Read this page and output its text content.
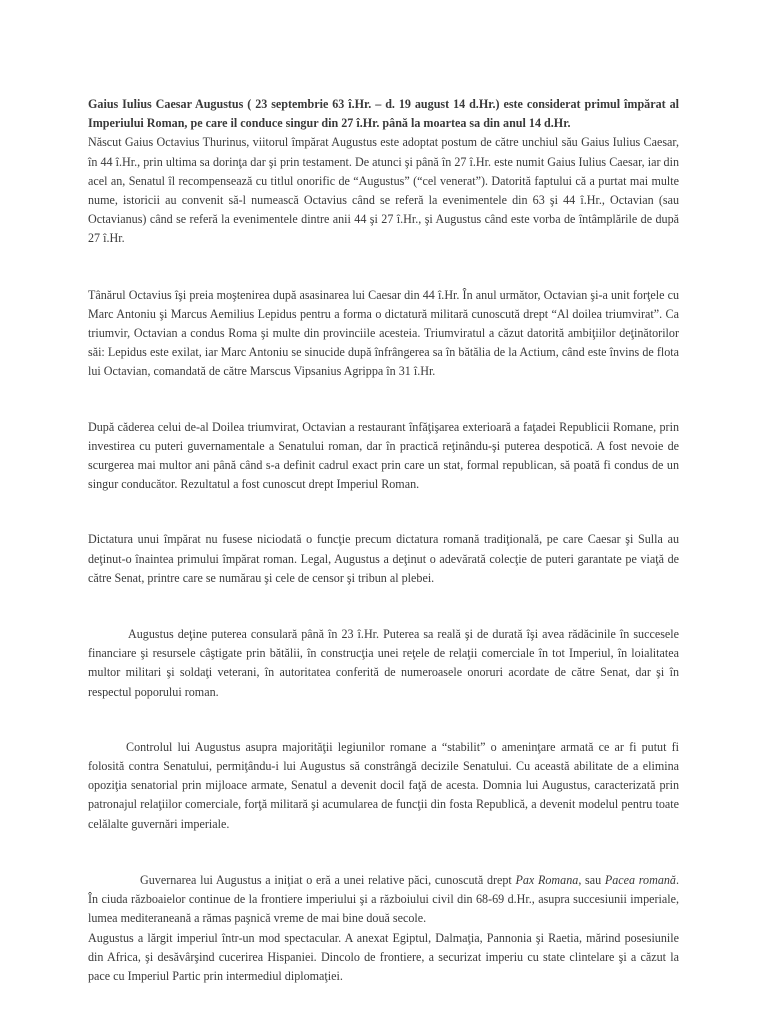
Gaius Iulius Caesar Augustus ( 23 septembrie 63 î.Hr. – d. 19 august 14 d.Hr.) este considerat primul împărat al Imperiului Roman, pe care il conduce singur din 27 î.Hr. până la moartea sa din anul 14 d.Hr.

Născut Gaius Octavius Thurinus, viitorul împărat Augustus este adoptat postum de către unchiul său Gaius Iulius Caesar, în 44 î.Hr., prin ultima sa dorinţa dar şi prin testament. De atunci şi până în 27 î.Hr. este numit Gaius Iulius Caesar, iar din acel an, Senatul îl recompensează cu titlul onorific de “Augustus” (“cel venerat”). Datorită faptului că a purtat mai multe nume, istoricii au convenit să-l numească Octavius când se referă la evenimentele din 63 şi 44 î.Hr., Octavian (sau Octavianus) când se referă la evenimentele dintre anii 44 şi 27 î.Hr., şi Augustus când este vorba de întâmplările de după 27 î.Hr.

Tânărul Octavius îşi preia moştenirea după asasinarea lui Caesar din 44 î.Hr. În anul următor, Octavian şi-a unit forţele cu Marc Antoniu şi Marcus Aemilius Lepidus pentru a forma o dictatură militară cunoscută drept “Al doilea triumvirat”. Ca triumvir, Octavian a condus Roma şi multe din provinciile acesteia. Triumviratul a căzut datorită ambiţiilor deţinătorilor săi: Lepidus este exilat, iar Marc Antoniu se sinucide după înfrângerea sa în bătălia de la Actium, când este învins de flota lui Octavian, comandată de către Marscus Vipsanius Agrippa în 31 î.Hr.

După căderea celui de-al Doilea triumvirat, Octavian a restaurant înfăţişarea exterioară a faţadei Republicii Romane, prin investirea cu puteri guvernamentale a Senatului roman, dar în practică reţinându-şi puterea despotică. A fost nevoie de scurgerea mai multor ani până când s-a definit cadrul exact prin care un stat, formal republican, să poată fi condus de un singur conducător. Rezultatul a fost cunoscut drept Imperiul Roman.

Dictatura unui împărat nu fusese niciodată o funcţie precum dictatura romană tradiţională, pe care Caesar şi Sulla au deţinut-o înaintea primului împărat roman. Legal, Augustus a deţinut o adevărată colecţie de puteri garantate pe viaţă de către Senat, printre care se numărau şi cele de censor şi tribun al plebei.

Augustus deţine puterea consulară până în 23 î.Hr. Puterea sa reală şi de durată îşi avea rădăcinile în succesele financiare şi resursele câştigate prin bătălii, în construcţia unei reţele de relaţii comerciale în tot Imperiul, în loialitatea multor militari şi soldaţi veterani, în autoritatea conferită de numeroasele onoruri acordate de către Senat, dar şi în respectul poporului roman.

Controlul lui Augustus asupra majorităţii legiunilor romane a “stabilit” o ameninţare armată ce ar fi putut fi folosită contra Senatului, permiţându-i lui Augustus să constrângă decizile Senatului. Cu această abilitate de a elimina opoziţia senatorial prin mijloace armate, Senatul a devenit docil faţă de acesta. Domnia lui Augustus, caracterizată prin patronajul relaţiilor comerciale, forţă militară şi acumularea de funcţii din fosta Republică, a devenit modelul pentru toate celălalte guvernări imperiale.

Guvernarea lui Augustus a iniţiat o eră a unei relative păci, cunoscută drept Pax Romana, sau Pacea romană. În ciuda războaielor continue de la frontiere imperiului şi a războiului civil din 68-69 d.Hr., asupra succesiunii imperiale, lumea mediteraneană a rămas paşnică vreme de mai bine două secole.

Augustus a lărgit imperiul într-un mod spectacular. A anexat Egiptul, Dalmaţia, Pannonia şi Raetia, mărind posesiunile din Africa, şi desăvârşind cucerirea Hispaniei. Dincolo de frontiere, a securizat imperiu cu state clintelare şi a căzut la pace cu Imperiul Partic prin intermediul diplomaţiei.
